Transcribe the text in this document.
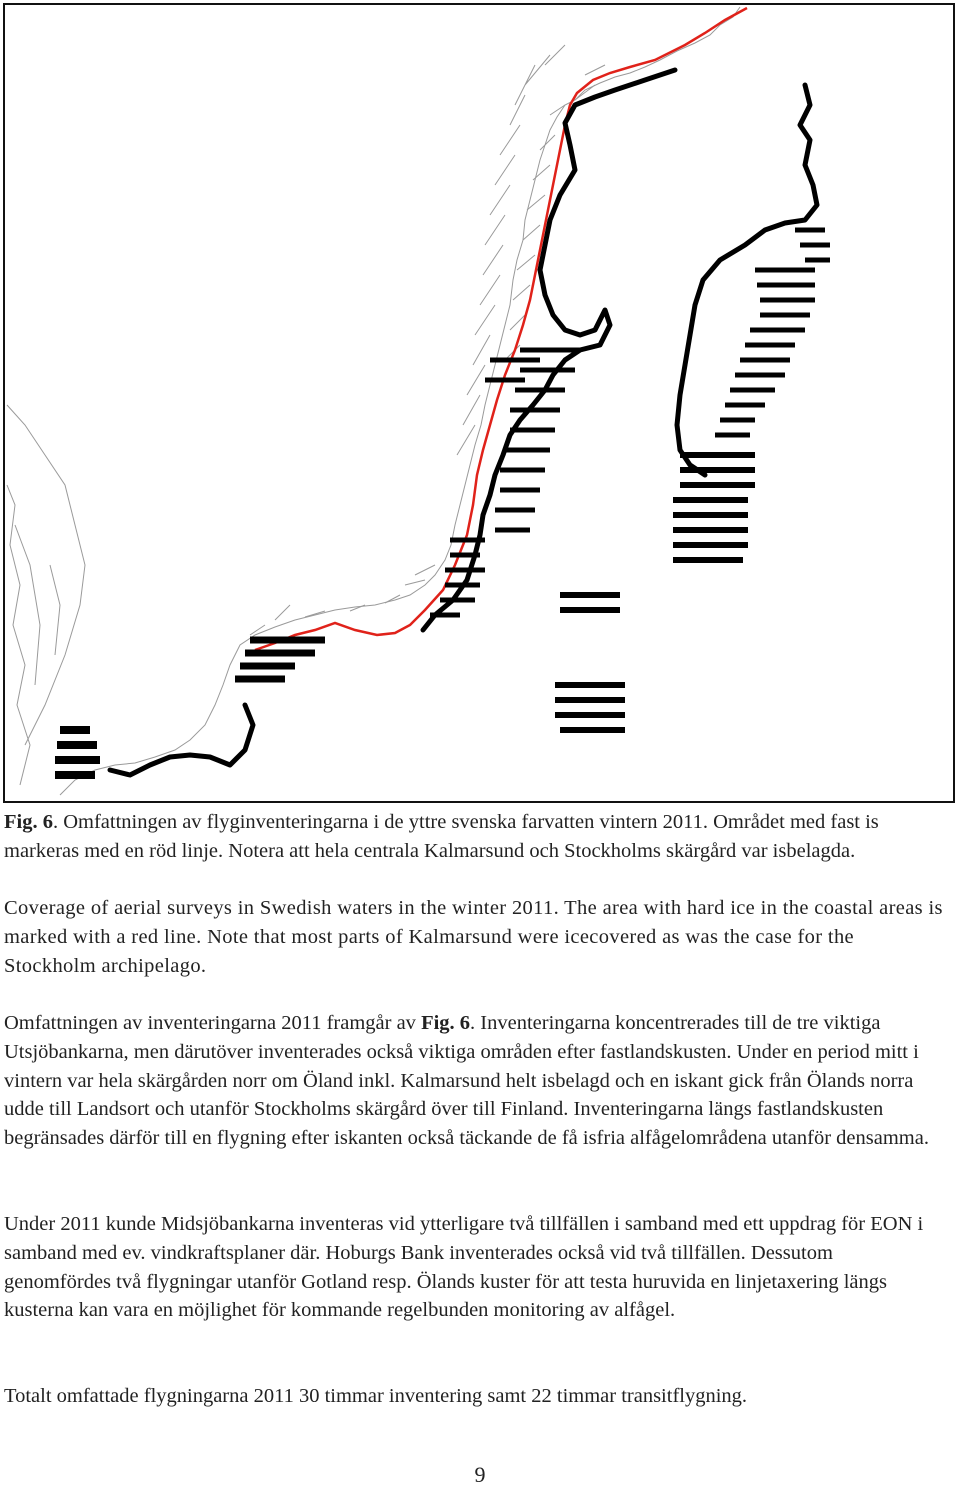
Fig. 6. Omfattningen av flyginventeringarna i de yttre svenska farvatten vintern 2011. Området med fast is markeras med en röd linje. Notera att hela centrala Kalmarsund och Stockholms skärgård var isbelagda.

Coverage of aerial surveys in Swedish waters in the winter 2011. The area with hard ice in the coastal areas is marked with a red line. Note that most parts of Kalmarsund were icecovered as was the case for the Stockholm archipelago.

Omfattningen av inventeringarna 2011 framgår av Fig. 6. Inventeringarna koncentrerades till de tre viktiga Utsjöbankarna, men därutöver inventerades också viktiga områden efter fastlandskusten. Under en period mitt i vintern var hela skärgården norr om Öland inkl. Kalmarsund helt isbelagd och en iskant gick från Ölands norra udde till Landsort och utanför Stockholms skärgård över till Finland. Inventeringarna längs fastlandskusten begränsades därför till en flygning efter iskanten också täckande de få isfria alfågelområdena utanför densamma.

Under 2011 kunde Midsjöbankarna inventeras vid ytterligare två tillfällen i samband med ett uppdrag för EON i samband med ev. vindkraftsplaner där. Hoburgs Bank inventerades också vid två tillfällen. Dessutom genomfördes två flygningar utanför Gotland resp. Ölands kuster för att testa huruvida en linjetaxering längs kusterna kan vara en möjlighet för kommande regelbunden monitoring av alfågel.

Totalt omfattade flygningarna 2011 30 timmar inventering samt 22 timmar transitflygning.

9
